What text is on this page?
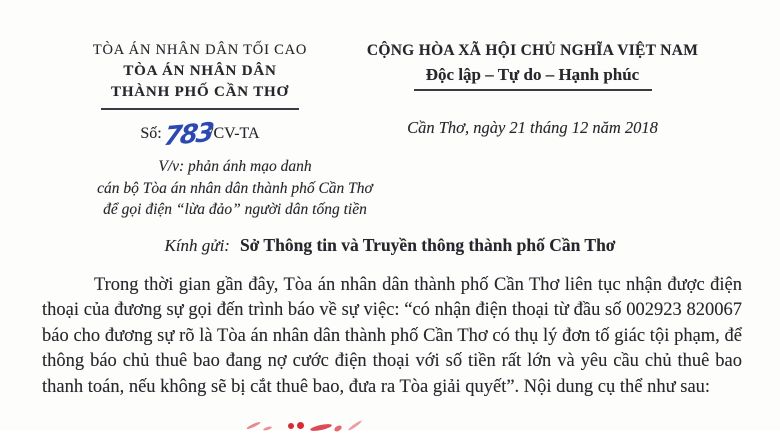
TÒA ÁN NHÂN DÂN TỐI CAO
TÒA ÁN NHÂN DÂN
THÀNH PHỐ CẦN THƠ
Số:783/CV-TA
CỘNG HÒA XÃ HỘI CHỦ NGHĨA VIỆT NAM
Độc lập – Tự do – Hạnh phúc
Cần Thơ, ngày 21 tháng 12 năm 2018
V/v: phản ánh mạo danh
cán bộ Tòa án nhân dân thành phố Cần Thơ
để gọi điện “lừa đảo” người dân tống tiền
Kính gửi: Sở Thông tin và Truyền thông thành phố Cần Thơ

Trong thời gian gần đây, Tòa án nhân dân thành phố Cần Thơ liên tục nhận được điện thoại của đương sự gọi đến trình báo về sự việc: “có nhận điện thoại từ đầu số 002923 820067 báo cho đương sự rõ là Tòa án nhân dân thành phố Cần Thơ có thụ lý đơn tố giác tội phạm, để thông báo chủ thuê bao đang nợ cước điện thoại với số tiền rất lớn và yêu cầu chủ thuê bao thanh toán, nếu không sẽ bị cắt thuê bao, đưa ra Tòa giải quyết”. Nội dung cụ thể như sau:
